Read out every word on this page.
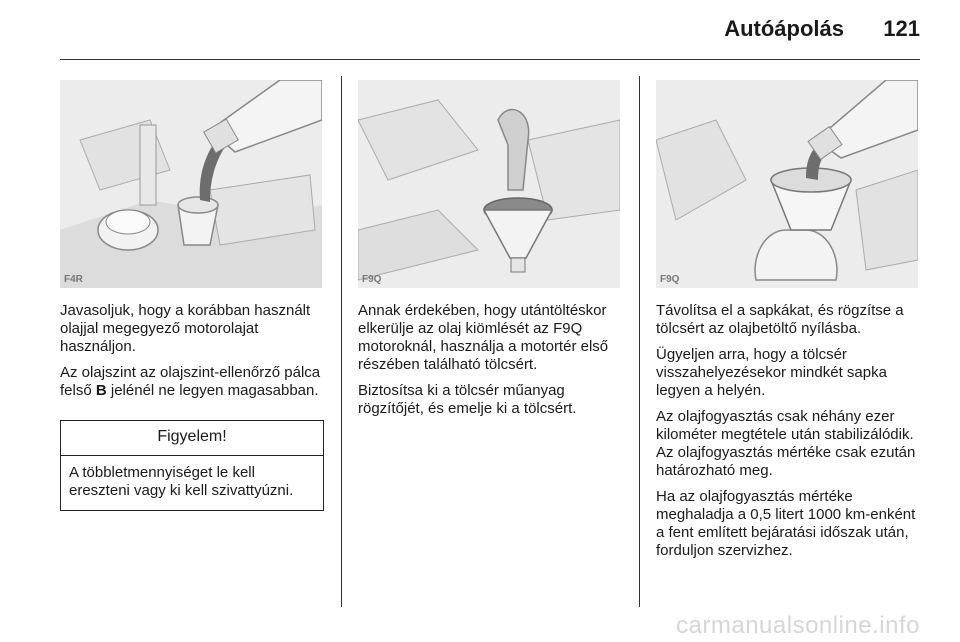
Autóápolás 121
F4R	F9Q	F9Q

Javasoljuk, hogy a korábban használt olajjal megegyező motorolajat használjon.

Az olajszint az olajszint-ellenőrző pálca felső B jelénél ne legyen magasabban.

Figyelem!
A többletmennyiséget le kell ereszteni vagy ki kell szivattyúzni.

Annak érdekében, hogy utántöltéskor elkerülje az olaj kiömlését az F9Q motoroknál, használja a motortér első részében található tölcsért.

Biztosítsa ki a tölcsér műanyag rögzítőjét, és emelje ki a tölcsért.

Távolítsa el a sapkákat, és rögzítse a tölcsért az olajbetöltő nyílásba.

Ügyeljen arra, hogy a tölcsér visszahelyezésekor mindkét sapka legyen a helyén.

Az olajfogyasztás csak néhány ezer kilométer megtétele után stabilizálódik. Az olajfogyasztás mértéke csak ezután határozható meg.

Ha az olajfogyasztás mértéke meghaladja a 0,5 litert 1000 km-enként a fent említett bejáratási időszak után, forduljon szervizhez.

carmanualsonline.info
